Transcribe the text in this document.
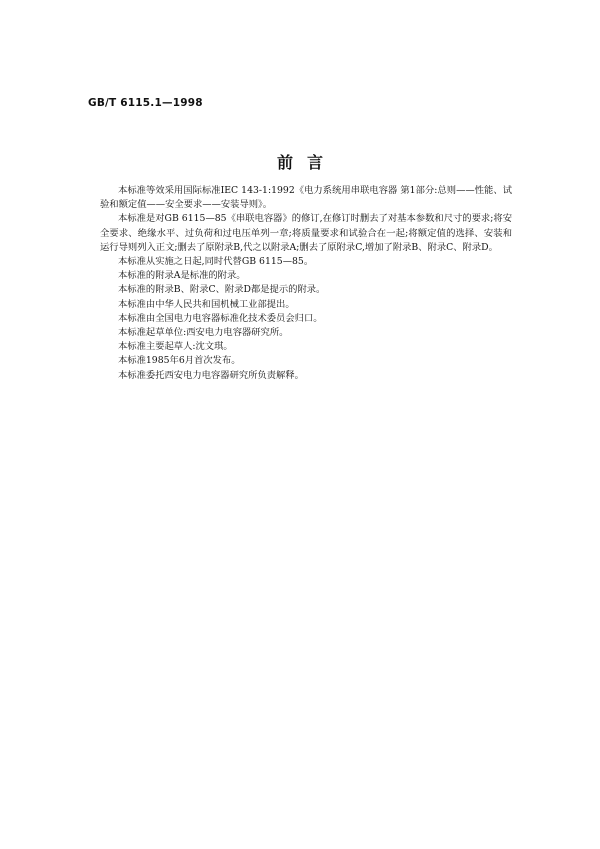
GB/T 6115.1—1998
前言

本标准等效采用国际标准IEC 143-1:1992《电力系统用串联电容器 第1部分:总则——性能、试验和额定值——安全要求——安装导则》。

本标准是对GB 6115—85《串联电容器》的修订,在修订时删去了对基本参数和尺寸的要求;将安全要求、绝缘水平、过负荷和过电压单列一章;将质量要求和试验合在一起;将额定值的选择、安装和运行导则列入正文;删去了原附录B,代之以附录A;删去了原附录C,增加了附录B、附录C、附录D。

本标准从实施之日起,同时代替GB 6115—85。

本标准的附录A是标准的附录。

本标准的附录B、附录C、附录D都是提示的附录。

本标准由中华人民共和国机械工业部提出。

本标准由全国电力电容器标准化技术委员会归口。

本标准起草单位:西安电力电容器研究所。

本标准主要起草人:沈文琪。

本标准1985年6月首次发布。

本标准委托西安电力电容器研究所负责解释。
